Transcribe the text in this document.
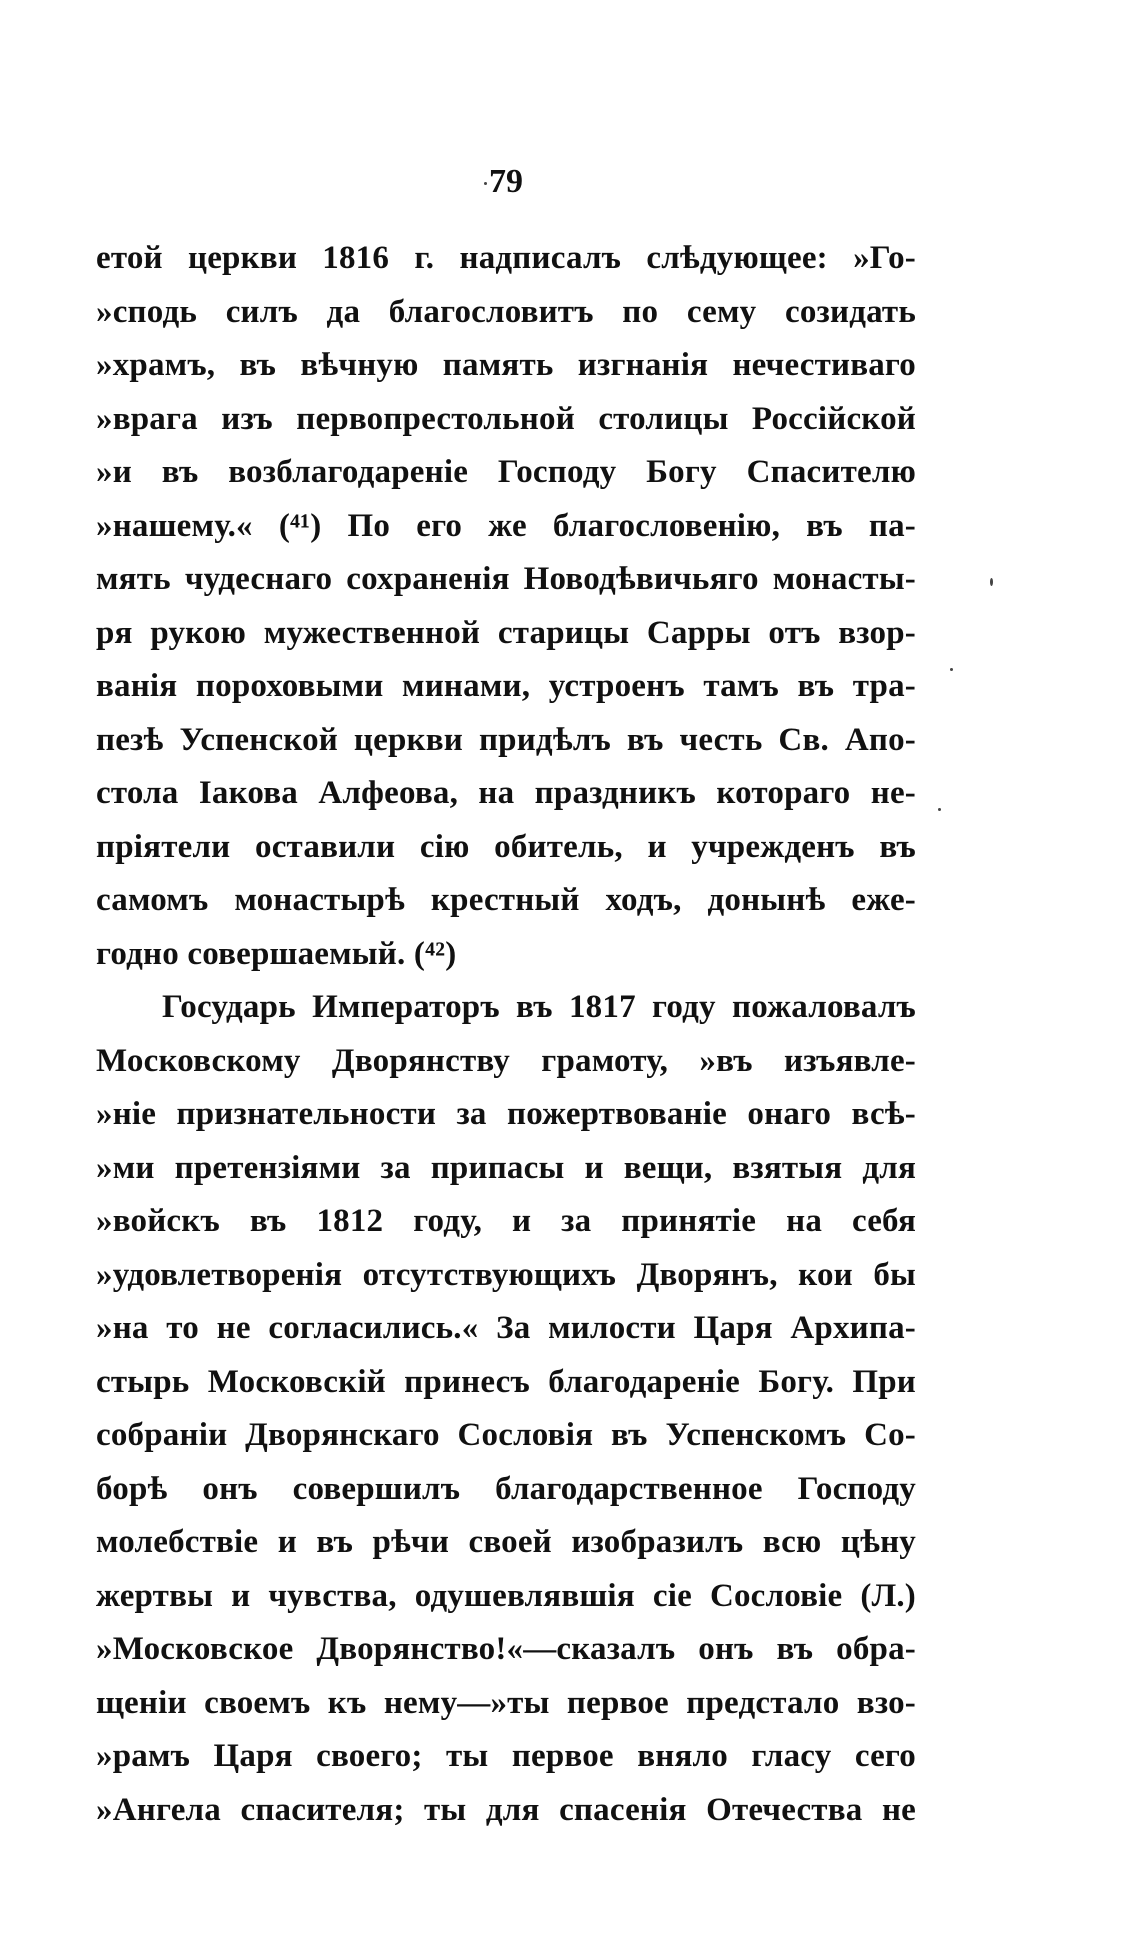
79
етой церкви 1816 г. надписалъ слѣдующее: »Го-
»сподь силъ да благословитъ по сему созидать
»храмъ, въ вѣчную память изгнанія нечестиваго
»врага изъ первопрестольной столицы Россійской
»и въ возблагодареніе Господу Богу Спасителю
»нашему.« (⁴¹) По его же благословенію, въ па-
мять чудеснаго сохраненія Новодѣвичьяго монасты-
ря рукою мужественной старицы Сарры отъ взор-
ванія пороховыми минами, устроенъ тамъ въ тра-
пезѣ Успенской церкви придѣлъ въ честь Св. Апо-
стола Іакова Алфеова, на праздникъ котораго не-
пріятели оставили сію обитель, и учрежденъ въ
самомъ монастырѣ крестный ходъ, донынѣ еже-
годно совершаемый. (⁴²)
Государь Императоръ въ 1817 году пожаловалъ
Московскому Дворянству грамоту, »въ изъявле-
»ніе признательности за пожертвованіе онаго всѣ-
»ми претензіями за припасы и вещи, взятыя для
»войскъ въ 1812 году, и за принятіе на себя
»удовлетворенія отсутствующихъ Дворянъ, кои бы
»на то не согласились.« За милости Царя Архипа-
стырь Московскій принесъ благодареніе Богу. При
собраніи Дворянскаго Сословія въ Успенскомъ Со-
борѣ онъ совершилъ благодарственное Господу
молебствіе и въ рѣчи своей изобразилъ всю цѣну
жертвы и чувства, одушевлявшія сіе Сословіе (Л.)
»Московское Дворянство!«—сказалъ онъ въ обра-
щеніи своемъ къ нему—»ты первое предстало взо-
»рамъ Царя своего; ты первое вняло гласу сего
»Ангела спасителя; ты для спасенія Отечества не
